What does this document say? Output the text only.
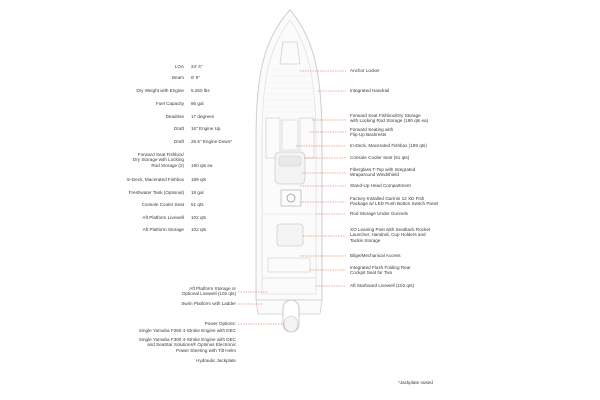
LOA 24' 4"
Beam 8' 5"
Dry Weight with Engine 5,250 lbs
Fuel Capacity 86 gal
Deadrise 17 degrees
Draft 16" Engine Up
Draft 25.5" Engine Down*
Forward Seat Fishbox/
Dry Storage with Locking
Rod Storage (2) 190 qts ea
In-Deck, Macerated Fishbox 189 qts
Freshwater Tank (Optional) 18 gal
Console Cooler Seat 51 qts
Aft Platform Livewell 102 qts
Aft Platform Storage 102 qts
Anchor Locker
Integrated Handrail
Forward Seat Fishbox/Dry Storage
with Locking Rod Storage (190 qts ea)
Forward Seating with
Flip-Up Backrests
In-Deck, Macerated Fishbox (189 qts)
Console Cooler Seat (51 qts)
Fiberglass T-Top with Integrated
Wraparound Windshield
Stand-Up Head Compartment
Factory-Installed Garmin 12 XD Fish
Package w/ LED Push Button Switch Panel
Rod Storage Under Gunnels
XO Leaning Post with Seatback Rocket
Launcher, Handrail, Cup Holders and
Tackle Storage
Bilge/Mechanical Access
Integrated Flush Folding Rear
Cockpit Seat for Two
Aft Starboard Livewell (102 qts)
Aft Platform Storage or
Optional Livewell (102 qts)
Swim Platform with Ladder
Power Options:
Single Yamaha F250 4-Stroke Engine with DEC
Single Yamaha F300 4-Stroke Engine with DEC
and SeaStar Solutions® Optimus Electronic
Power Steering with Tilt Helm
Hydraulic Jackplate
*Jackplate raised
